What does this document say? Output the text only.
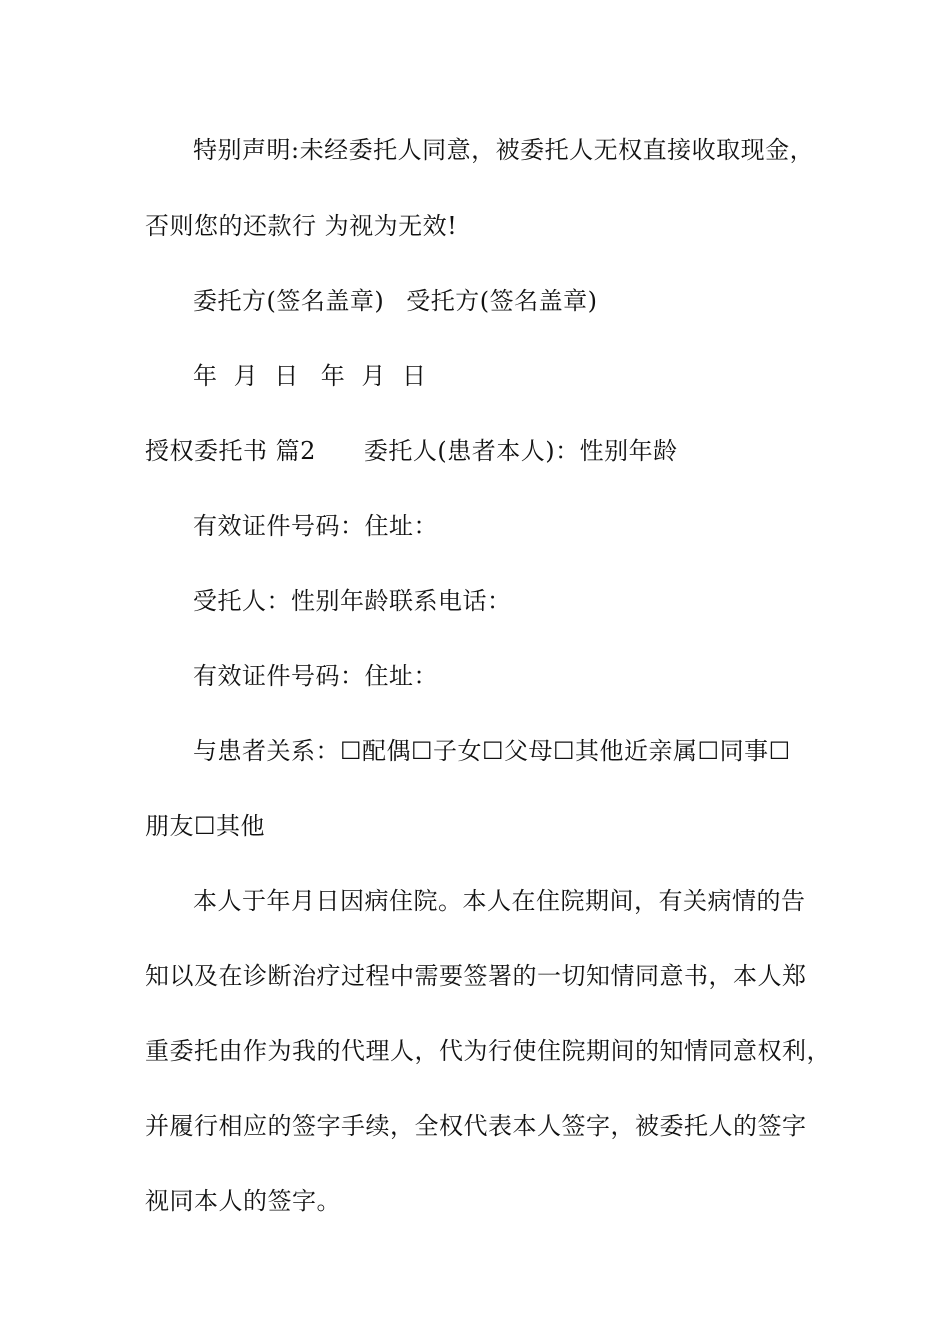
特别声明:未经委托人同意，被委托人无权直接收取现金，
否则您的还款行 为视为无效!
委托方(签名盖章) 受托方(签名盖章)
年 月 日 年 月 日
授权委托书 篇2 委托人(患者本人)：性别年龄
有效证件号码：住址：
受托人：性别年龄联系电话：
有效证件号码：住址：
与患者关系：☐配偶☐子女☐父母☐其他近亲属☐同事☐
朋友☐其他
本人于年月日因病住院。本人在住院期间，有关病情的告
知以及在诊断治疗过程中需要签署的一切知情同意书，本人郑
重委托由作为我的代理人，代为行使住院期间的知情同意权利，
并履行相应的签字手续，全权代表本人签字，被委托人的签字
视同本人的签字。
